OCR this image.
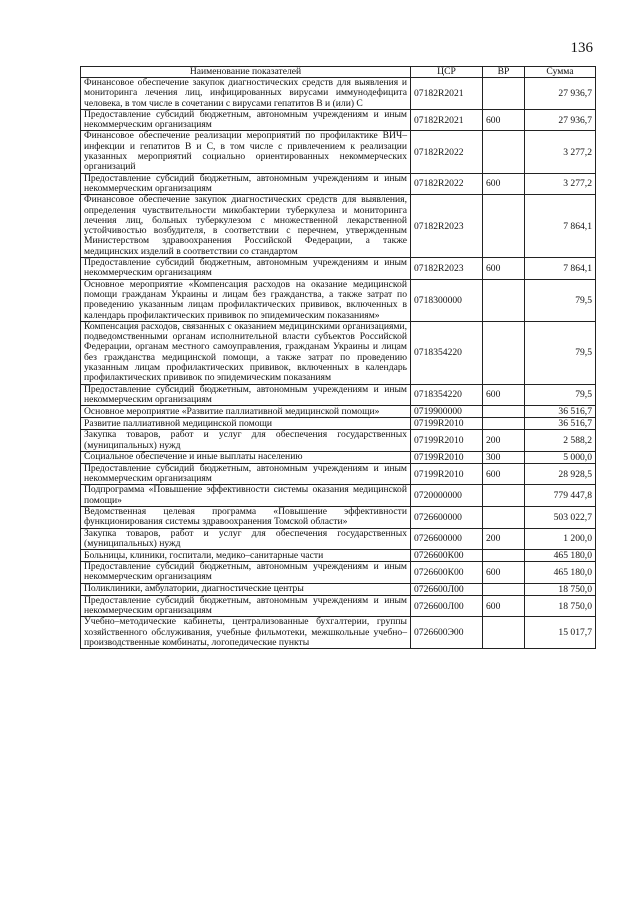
136
Наименование показателей	ЦСР	ВР	Сумма
Финансовое обеспечение закупок диагностических средств для выявления и мониторинга лечения лиц, инфицированных вирусами иммунодефицита человека, в том числе в сочетании с вирусами гепатитов В и (или) С	07182R2021		27 936,7
Предоставление субсидий бюджетным, автономным учреждениям и иным некоммерческим организациям	07182R2021	600	27 936,7
Финансовое обеспечение реализации мероприятий по профилактике ВИЧ–инфекции и гепатитов В и С, в том числе с привлечением к реализации указанных мероприятий социально ориентированных некоммерческих организаций	07182R2022		3 277,2
Предоставление субсидий бюджетным, автономным учреждениям и иным некоммерческим организациям	07182R2022	600	3 277,2
Финансовое обеспечение закупок диагностических средств для выявления, определения чувствительности микобактерии туберкулеза и мониторинга лечения лиц, больных туберкулезом с множественной лекарственной устойчивостью возбудителя, в соответствии с перечнем, утвержденным Министерством здравоохранения Российской Федерации, а также медицинских изделий в соответствии со стандартом	07182R2023		7 864,1
Предоставление субсидий бюджетным, автономным учреждениям и иным некоммерческим организациям	07182R2023	600	7 864,1
Основное мероприятие «Компенсация расходов на оказание медицинской помощи гражданам Украины и лицам без гражданства, а также затрат по проведению указанным лицам профилактических прививок, включенных в календарь профилактических прививок по эпидемическим показаниям»	0718300000		79,5
Компенсация расходов, связанных с оказанием медицинскими организациями, подведомственными органам исполнительной власти субъектов Российской Федерации, органам местного самоуправления, гражданам Украины и лицам без гражданства медицинской помощи, а также затрат по проведению указанным лицам профилактических прививок, включенных в календарь профилактических прививок по эпидемическим показаниям	0718354220		79,5
Предоставление субсидий бюджетным, автономным учреждениям и иным некоммерческим организациям	0718354220	600	79,5
Основное мероприятие «Развитие паллиативной медицинской помощи»	0719900000		36 516,7
Развитие паллиативной медицинской помощи	07199R2010		36 516,7
Закупка товаров, работ и услуг для обеспечения государственных (муниципальных) нужд	07199R2010	200	2 588,2
Социальное обеспечение и иные выплаты населению	07199R2010	300	5 000,0
Предоставление субсидий бюджетным, автономным учреждениям и иным некоммерческим организациям	07199R2010	600	28 928,5
Подпрограмма «Повышение эффективности системы оказания медицинской помощи»	0720000000		779 447,8
Ведомственная целевая программа «Повышение эффективности функционирования системы здравоохранения Томской области»	0726600000		503 022,7
Закупка товаров, работ и услуг для обеспечения государственных (муниципальных) нужд	0726600000	200	1 200,0
Больницы, клиники, госпитали, медико–санитарные части	0726600К00		465 180,0
Предоставление субсидий бюджетным, автономным учреждениям и иным некоммерческим организациям	0726600К00	600	465 180,0
Поликлиники, амбулатории, диагностические центры	0726600Л00		18 750,0
Предоставление субсидий бюджетным, автономным учреждениям и иным некоммерческим организациям	0726600Л00	600	18 750,0
Учебно–методические кабинеты, централизованные бухгалтерии, группы хозяйственного обслуживания, учебные фильмотеки, межшкольные учебно–производственные комбинаты, логопедические пункты	0726600Э00		15 017,7
